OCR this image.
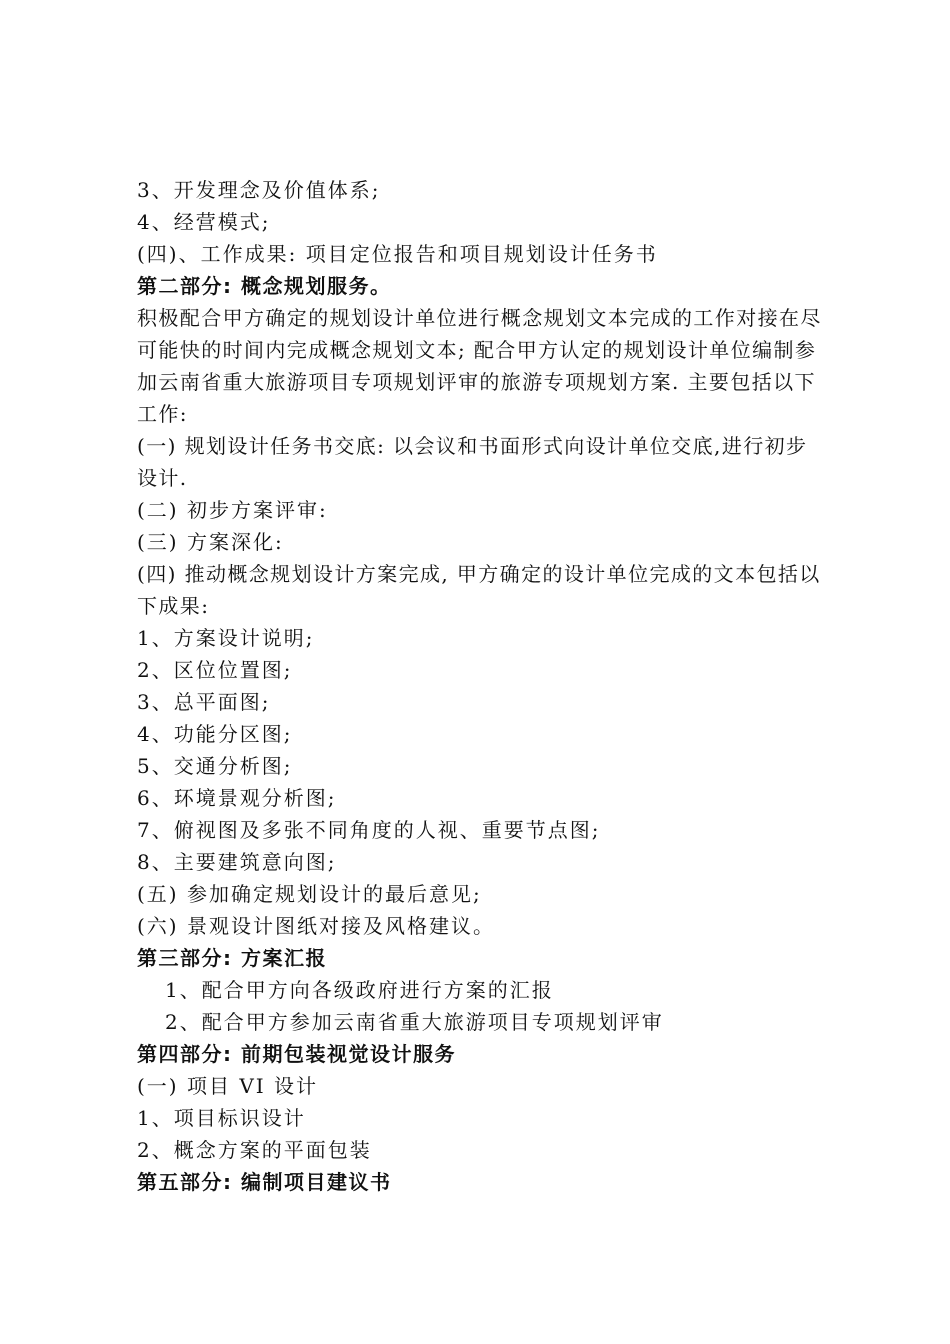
3、开发理念及价值体系;
4、经营模式;
(四)、工作成果: 项目定位报告和项目规划设计任务书
第二部分: 概念规划服务。
积极配合甲方确定的规划设计单位进行概念规划文本完成的工作对接在尽可能快的时间内完成概念规划文本; 配合甲方认定的规划设计单位编制参加云南省重大旅游项目专项规划评审的旅游专项规划方案. 主要包括以下工作:
(一) 规划设计任务书交底: 以会议和书面形式向设计单位交底,进行初步设计.
(二) 初步方案评审:
(三) 方案深化:
(四) 推动概念规划设计方案完成, 甲方确定的设计单位完成的文本包括以下成果:
1、方案设计说明;
2、区位位置图;
3、总平面图;
4、功能分区图;
5、交通分析图;
6、环境景观分析图;
7、俯视图及多张不同角度的人视、重要节点图;
8、主要建筑意向图;
(五) 参加确定规划设计的最后意见;
(六) 景观设计图纸对接及风格建议。
第三部分: 方案汇报
1、配合甲方向各级政府进行方案的汇报
2、配合甲方参加云南省重大旅游项目专项规划评审
第四部分: 前期包装视觉设计服务
(一) 项目 VI 设计
1、项目标识设计
2、概念方案的平面包装
第五部分: 编制项目建议书
